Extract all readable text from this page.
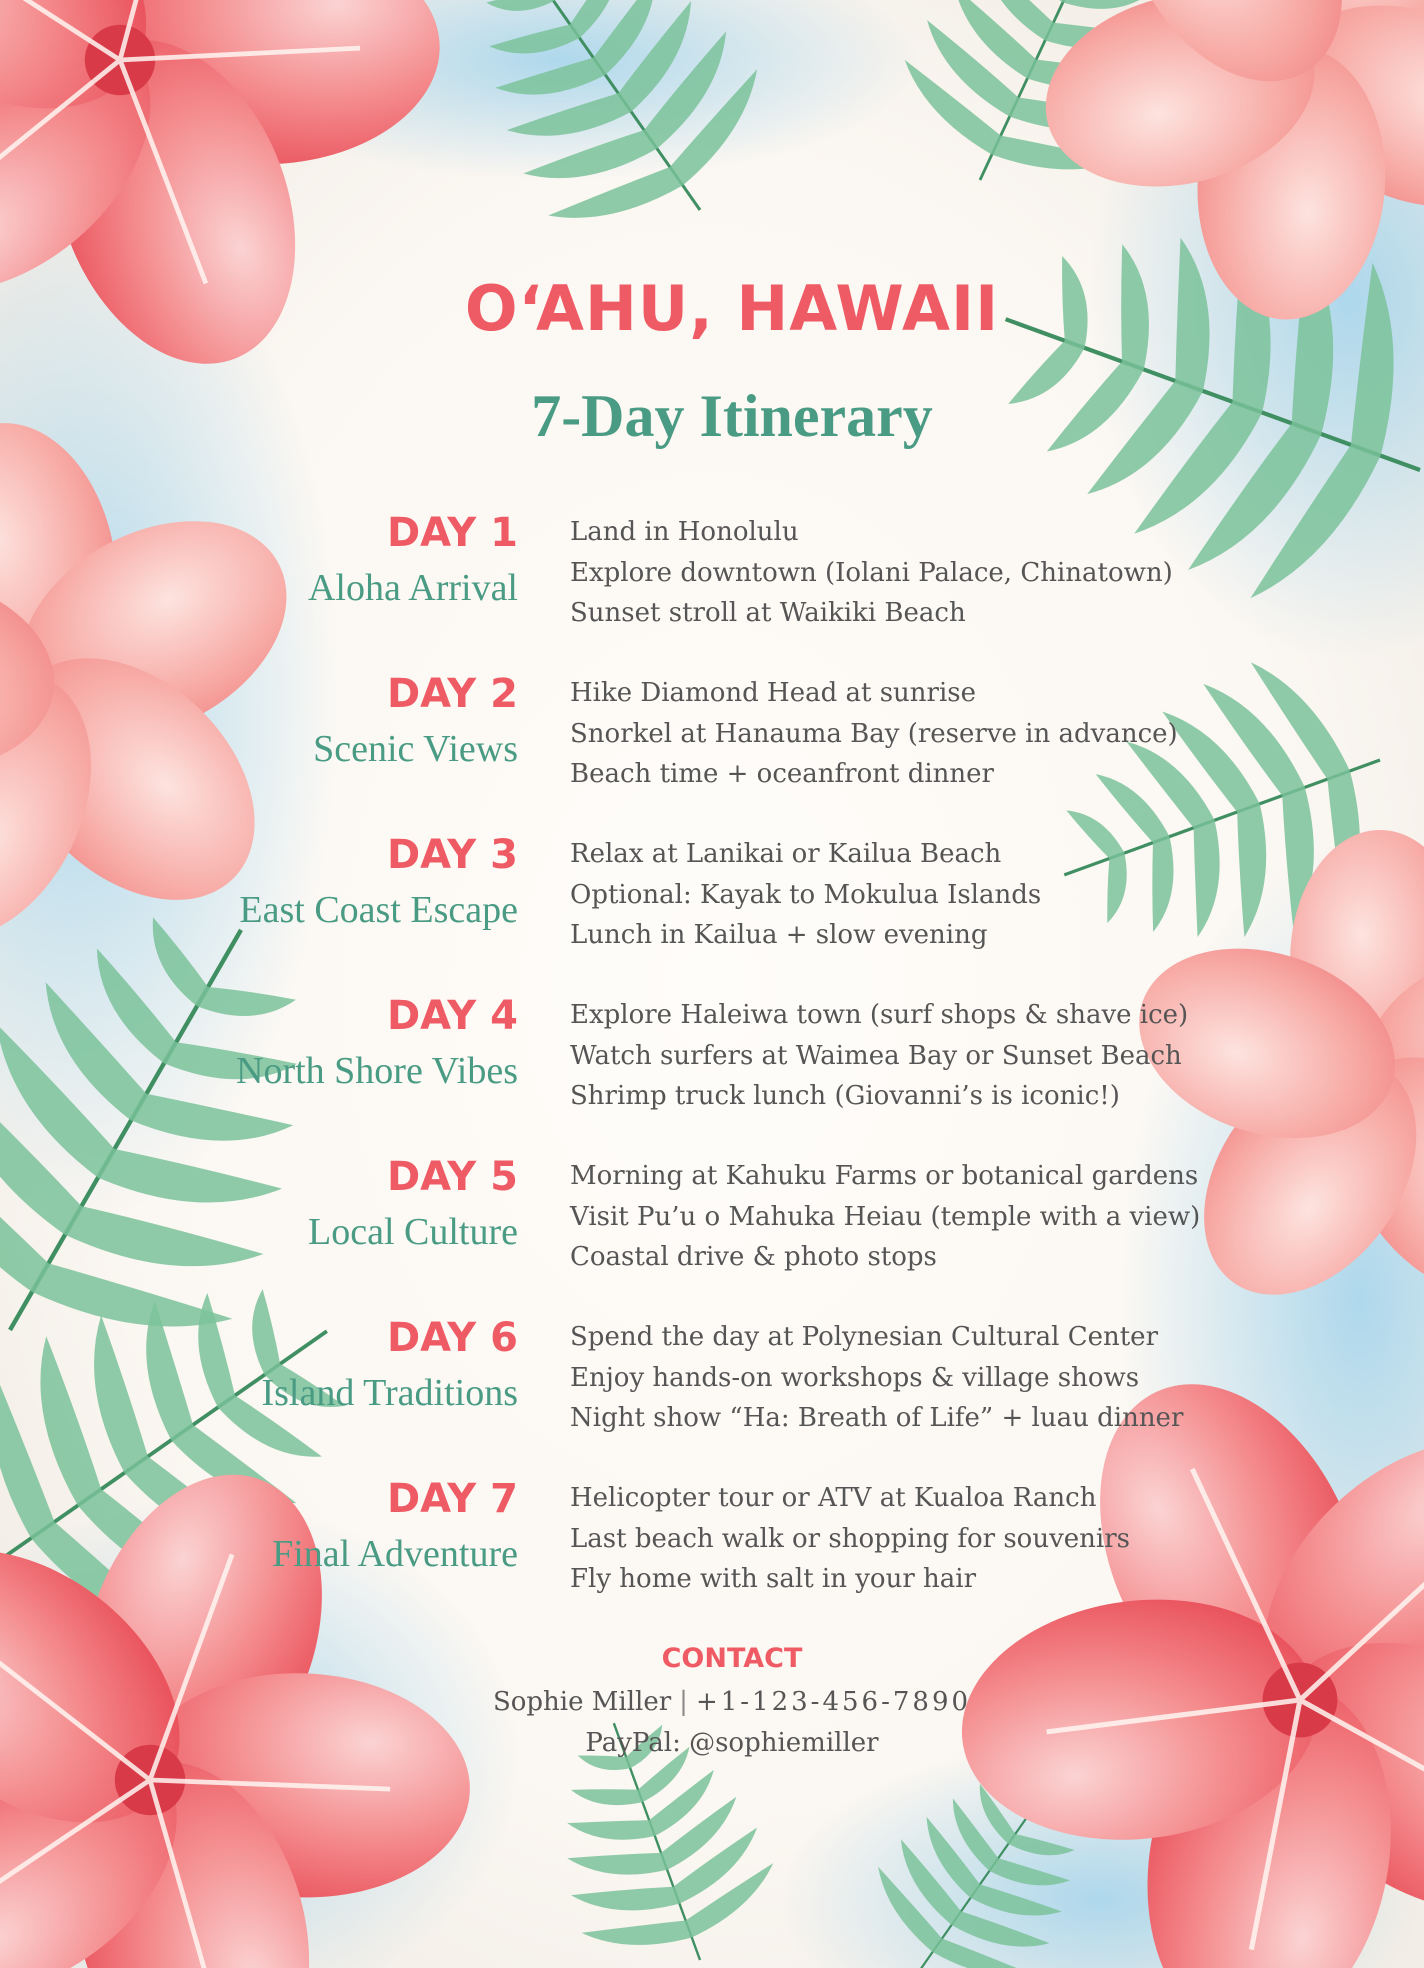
O‘AHU, HAWAII
7-Day Itinerary
DAY 1
Aloha Arrival
Land in Honolulu
Explore downtown (Iolani Palace, Chinatown)
Sunset stroll at Waikiki Beach
DAY 2
Scenic Views
Hike Diamond Head at sunrise
Snorkel at Hanauma Bay (reserve in advance)
Beach time + oceanfront dinner
DAY 3
East Coast Escape
Relax at Lanikai or Kailua Beach
Optional: Kayak to Mokulua Islands
Lunch in Kailua + slow evening
DAY 4
North Shore Vibes
Explore Haleiwa town (surf shops & shave ice)
Watch surfers at Waimea Bay or Sunset Beach
Shrimp truck lunch (Giovanni’s is iconic!)
DAY 5
Local Culture
Morning at Kahuku Farms or botanical gardens
Visit Pu’u o Mahuka Heiau (temple with a view)
Coastal drive & photo stops
DAY 6
Island Traditions
Spend the day at Polynesian Cultural Center
Enjoy hands-on workshops & village shows
Night show “Ha: Breath of Life” + luau dinner
DAY 7
Final Adventure
Helicopter tour or ATV at Kualoa Ranch
Last beach walk or shopping for souvenirs
Fly home with salt in your hair
CONTACT

Sophie Miller | +1-123-456-7890

PayPal: @sophiemiller
